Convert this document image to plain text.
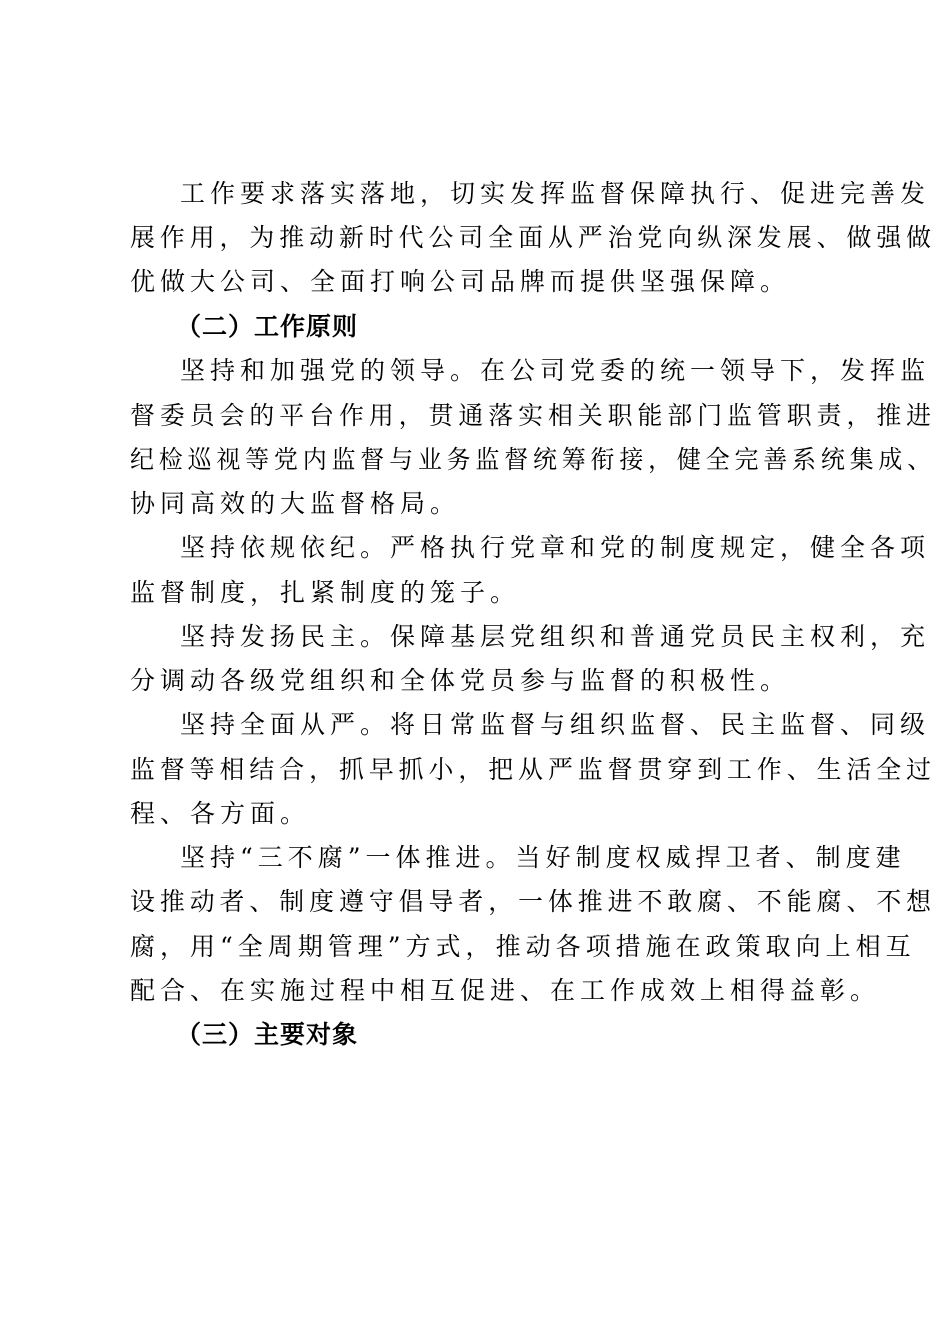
工作要求落实落地，切实发挥监督保障执行、促进完善发
展作用，为推动新时代公司全面从严治党向纵深发展、做强做
优做大公司、全面打响公司品牌而提供坚强保障。
（二）工作原则
坚持和加强党的领导。在公司党委的统一领导下，发挥监
督委员会的平台作用，贯通落实相关职能部门监管职责，推进
纪检巡视等党内监督与业务监督统筹衔接，健全完善系统集成、
协同高效的大监督格局。
坚持依规依纪。严格执行党章和党的制度规定，健全各项
监督制度，扎紧制度的笼子。
坚持发扬民主。保障基层党组织和普通党员民主权利，充
分调动各级党组织和全体党员参与监督的积极性。
坚持全面从严。将日常监督与组织监督、民主监督、同级
监督等相结合，抓早抓小，把从严监督贯穿到工作、生活全过
程、各方面。
坚持“三不腐”一体推进。当好制度权威捍卫者、制度建
设推动者、制度遵守倡导者，一体推进不敢腐、不能腐、不想
腐，用“全周期管理”方式，推动各项措施在政策取向上相互
配合、在实施过程中相互促进、在工作成效上相得益彰。
（三）主要对象
